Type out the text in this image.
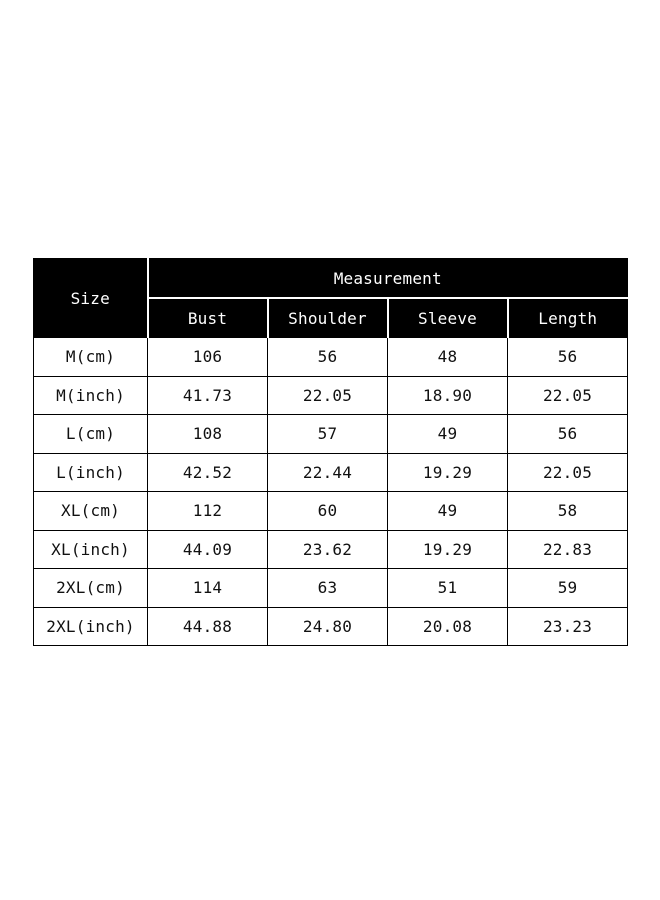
Size	Measurement			
	Bust	Shoulder	Sleeve	Length
M(cm)	106	56	48	56
M(inch)	41.73	22.05	18.90	22.05
L(cm)	108	57	49	56
L(inch)	42.52	22.44	19.29	22.05
XL(cm)	112	60	49	58
XL(inch)	44.09	23.62	19.29	22.83
2XL(cm)	114	63	51	59
2XL(inch)	44.88	24.80	20.08	23.23
